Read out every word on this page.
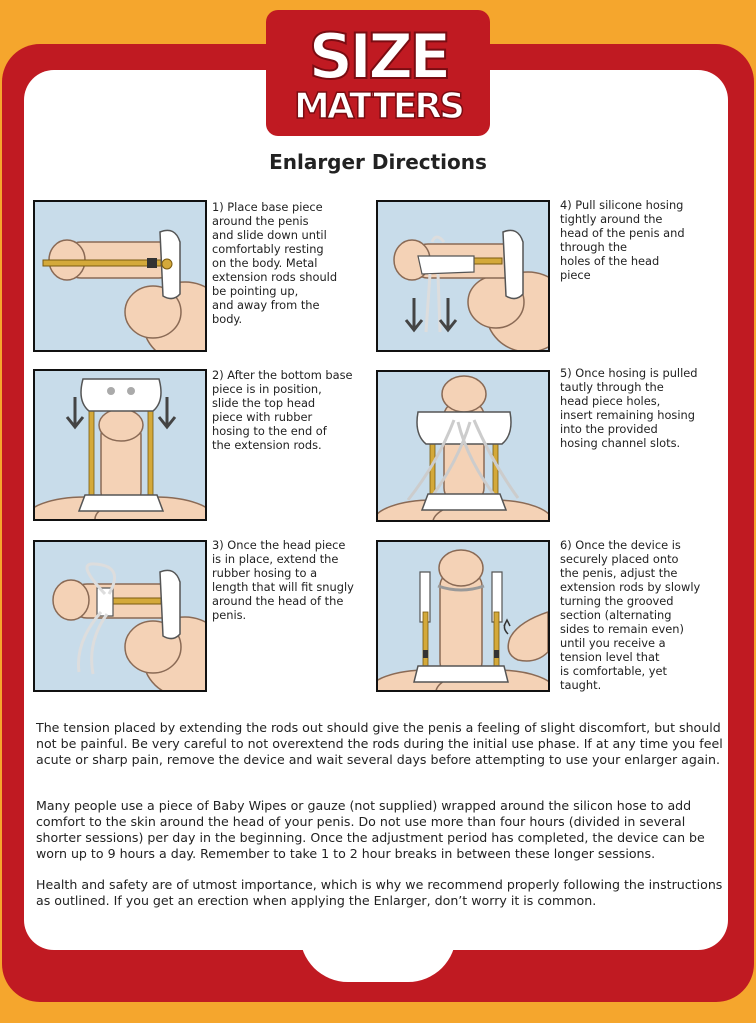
SIZE
MATTERS
Enlarger Directions
1) Place base piece
around the penis
and slide down until
comfortably resting
on the body. Metal
extension rods should
be pointing up,
and away from the
body.
2) After the bottom base
piece is in position,
slide the top head
piece with rubber
hosing to the end of
the extension rods.
3) Once the head piece
is in place, extend the
rubber hosing to a
length that will fit snugly
around the head of the
penis.
4) Pull silicone hosing
tightly around the
head of the penis and
through the
holes of the head
piece
5) Once hosing is pulled
tautly through the
head piece holes,
insert remaining hosing
into the provided
hosing channel slots.
6) Once the device is
securely placed onto
the penis, adjust the
extension rods by slowly
turning the grooved
section (alternating
sides to remain even)
until you receive a
tension level that
is comfortable, yet
taught.
The tension placed by extending the rods out should give the penis a feeling of slight discomfort, but should not be painful. Be very careful to not overextend the rods during the initial use phase. If at any time you feel acute or sharp pain, remove the device and wait several days before attempting to use your enlarger again.
Many people use a piece of Baby Wipes or gauze (not supplied) wrapped around the silicon hose to add comfort to the skin around the head of your penis. Do not use more than four hours (divided in several shorter sessions) per day in the beginning. Once the adjustment period has completed, the device can be worn up to 9 hours a day. Remember to take 1 to 2 hour breaks in between these longer sessions.
Health and safety are of utmost importance, which is why we recommend properly following the instructions as outlined. If you get an erection when applying the Enlarger, don’t worry it is common.
